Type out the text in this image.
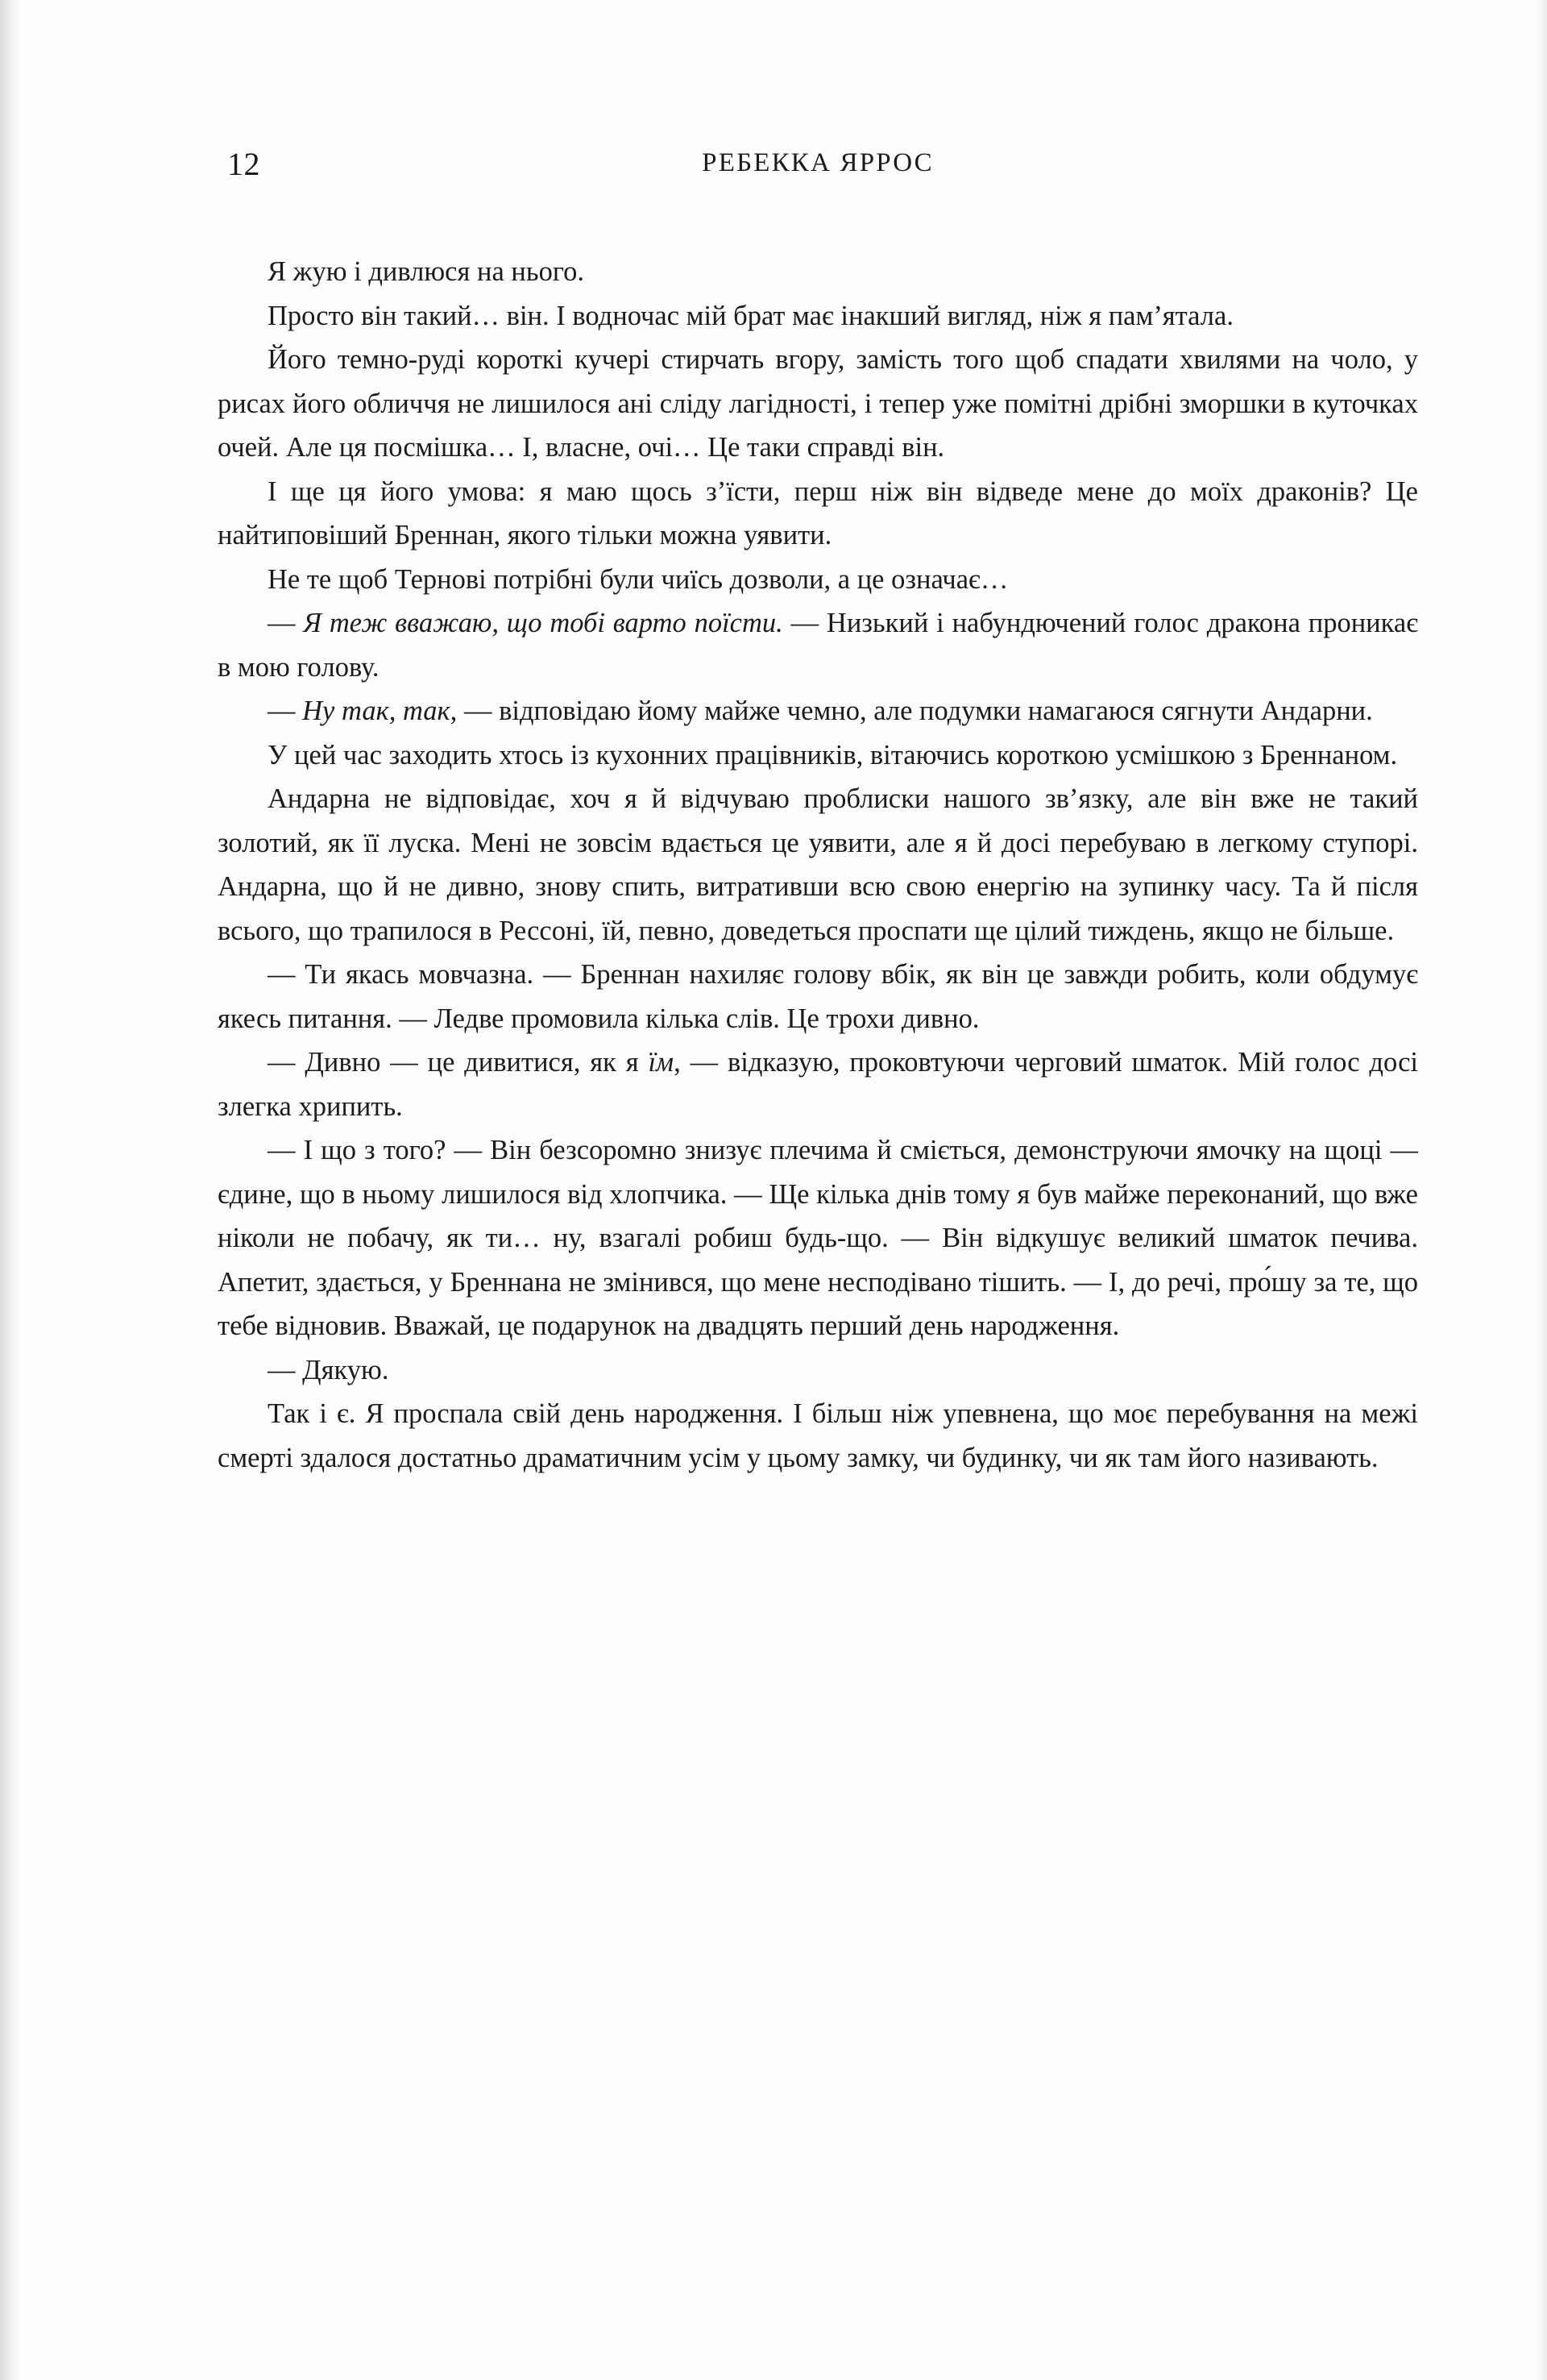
12	РЕБЕККА ЯРРОС

Я жую і дивлюся на нього.

Просто він такий… він. І водночас мій брат має інакший вигляд, ніж я пам’ятала.

Його темно-руді короткі кучері стирчать вгору, замість того щоб спадати хвилями на чоло, у рисах його обличчя не лишилося ані сліду лагідності, і тепер уже помітні дрібні зморшки в куточках очей. Але ця посмішка… І, власне, очі… Це таки справді він.

І ще ця його умова: я маю щось з’їсти, перш ніж він відведе мене до моїх драконів? Це найтиповіший Бреннан, якого тільки можна уявити.

Не те щоб Терновi потрібні були чиїсь дозволи, а це означає…

— Я теж вважаю, що тобі варто поїсти. — Низький і набундючений голос дракона проникає в мою голову.

— Ну так, так, — відповідаю йому майже чемно, але подумки намагаюся сягнути Андарни.

У цей час заходить хтось із кухонних працівників, вітаючись короткою усмішкою з Бреннаном.

Андарна не відповідає, хоч я й відчуваю проблиски нашого зв’язку, але він вже не такий золотий, як її луска. Мені не зовсім вдається це уявити, але я й досі перебуваю в легкому ступорі. Андарна, що й не дивно, знову спить, витративши всю свою енергію на зупинку часу. Та й після всього, що трапилося в Рессоні, їй, певно, доведеться проспати ще цілий тиждень, якщо не більше.

— Ти якась мовчазна. — Бреннан нахиляє голову вбік, як він це завжди робить, коли обдумує якесь питання. — Ледве промовила кілька слів. Це трохи дивно.

— Дивно — це дивитися, як я їм, — відказую, проковтуючи черговий шматок. Мій голос досі злегка хрипить.

— І що з того? — Він безсоромно знизує плечима й сміється, демонструючи ямочку на щоці — єдине, що в ньому лишилося від хлопчика. — Ще кілька днів тому я був майже переконаний, що вже ніколи не побачу, як ти… ну, взагалі робиш будь-що. — Він відкушує великий шматок печива. Апетит, здається, у Бреннана не змінився, що мене несподівано тішить. — І, до речі, про́шу за те, що тебе відновив. Вважай, це подарунок на двадцять перший день народження.

— Дякую.

Так і є. Я проспала свій день народження. І більш ніж упевнена, що моє перебування на межі смерті здалося достатньо драматичним усім у цьому замку, чи будинку, чи як там його називають.
